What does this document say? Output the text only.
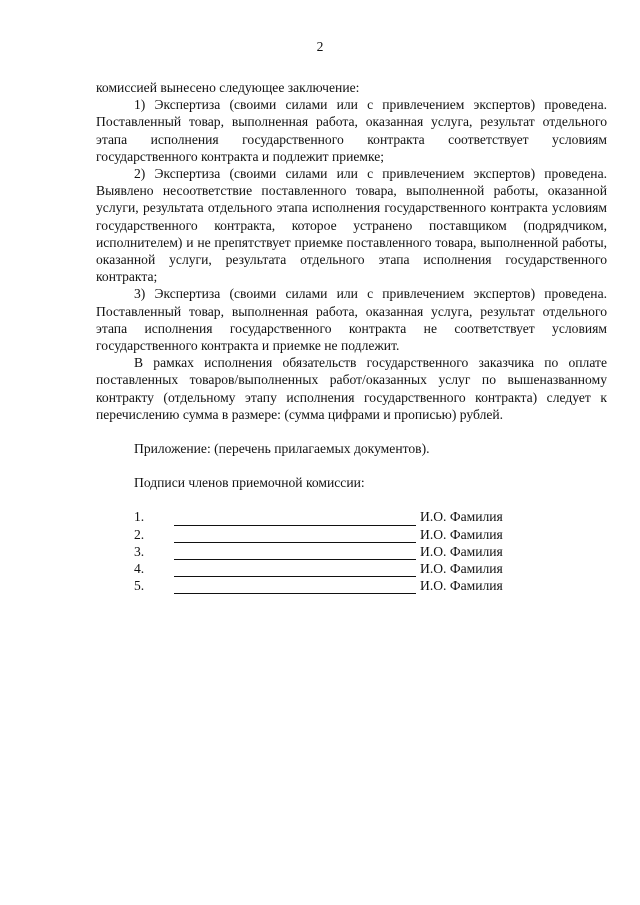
2

комиссией вынесено следующее заключение:

1) Экспертиза (своими силами или с привлечением экспертов) проведена. Поставленный товар, выполненная работа, оказанная услуга, результат отдельного этапа исполнения государственного контракта соответствует условиям государственного контракта и подлежит приемке;

2) Экспертиза (своими силами или с привлечением экспертов) проведена. Выявлено несоответствие поставленного товара, выполненной работы, оказанной услуги, результата отдельного этапа исполнения государственного контракта условиям государственного контракта, которое устранено поставщиком (подрядчиком, исполнителем) и не препятствует приемке поставленного товара, выполненной работы, оказанной услуги, результата отдельного этапа исполнения государственного контракта;

3) Экспертиза (своими силами или с привлечением экспертов) проведена. Поставленный товар, выполненная работа, оказанная услуга, результат отдельного этапа исполнения государственного контракта не соответствует условиям государственного контракта и приемке не подлежит.

В рамках исполнения обязательств государственного заказчика по оплате поставленных товаров/выполненных работ/оказанных услуг по вышеназванному контракту (отдельному этапу исполнения государственного контракта) следует к перечислению сумма в размере: (сумма цифрами и прописью) рублей.

Приложение: (перечень прилагаемых документов).

Подписи членов приемочной комиссии:

1.	И.О. Фамилия
2.	И.О. Фамилия
3.	И.О. Фамилия
4.	И.О. Фамилия
5.	И.О. Фамилия
